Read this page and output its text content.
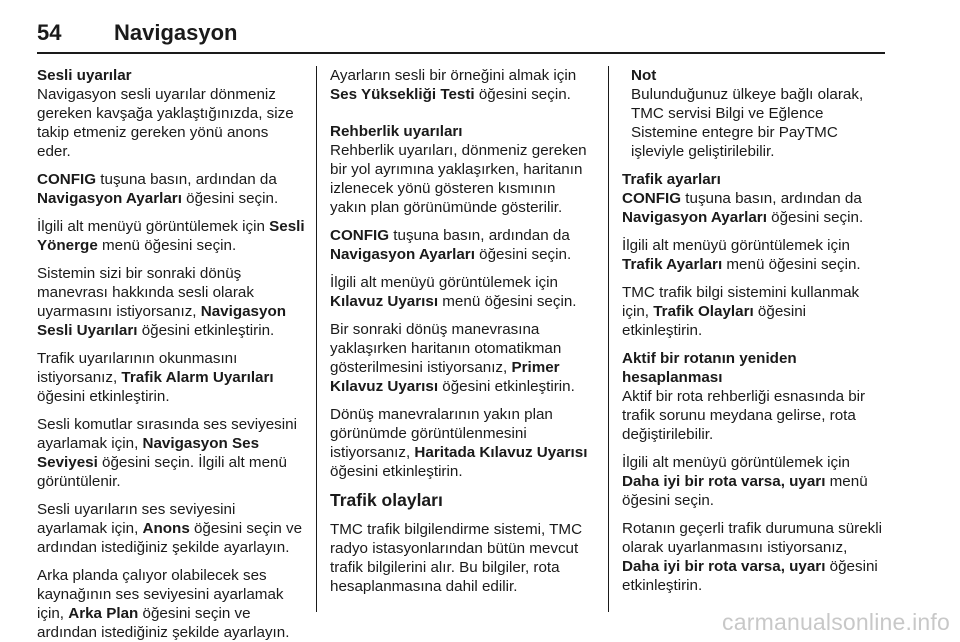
54 Navigasyon

Sesli uyarılar

Navigasyon sesli uyarılar dönmeniz gereken kavşağa yaklaştığınızda, size takip etmeniz gereken yönü anons eder.

CONFIG tuşuna basın, ardından da Navigasyon Ayarları öğesini seçin.

İlgili alt menüyü görüntülemek için Sesli Yönerge menü öğesini seçin.

Sistemin sizi bir sonraki dönüş manevrası hakkında sesli olarak uyarmasını istiyorsanız, Navigasyon Sesli Uyarıları öğesini etkinleştirin.

Trafik uyarılarının okunmasını istiyorsanız, Trafik Alarm Uyarıları öğesini etkinleştirin.

Sesli komutlar sırasında ses seviyesini ayarlamak için, Navigasyon Ses Seviyesi öğesini seçin. İlgili alt menü görüntülenir.

Sesli uyarıların ses seviyesini ayarlamak için, Anons öğesini seçin ve ardından istediğiniz şekilde ayarlayın.

Arka planda çalıyor olabilecek ses kaynağının ses seviyesini ayarlamak için, Arka Plan öğesini seçin ve ardından istediğiniz şekilde ayarlayın.

Ayarların sesli bir örneğini almak için Ses Yüksekliği Testi öğesini seçin.

Rehberlik uyarıları

Rehberlik uyarıları, dönmeniz gereken bir yol ayrımına yaklaşırken, haritanın izlenecek yönü gösteren kısmının yakın plan görünümünde gösterilir.

CONFIG tuşuna basın, ardından da Navigasyon Ayarları öğesini seçin.

İlgili alt menüyü görüntülemek için Kılavuz Uyarısı menü öğesini seçin.

Bir sonraki dönüş manevrasına yaklaşırken haritanın otomatikman gösterilmesini istiyorsanız, Primer Kılavuz Uyarısı öğesini etkinleştirin.

Dönüş manevralarının yakın plan görünümde görüntülenmesini istiyorsanız, Haritada Kılavuz Uyarısı öğesini etkinleştirin.

Trafik olayları

TMC trafik bilgilendirme sistemi, TMC radyo istasyonlarından bütün mevcut trafik bilgilerini alır. Bu bilgiler, rota hesaplanmasına dahil edilir.

Not

Bulunduğunuz ülkeye bağlı olarak, TMC servisi Bilgi ve Eğlence Sistemine entegre bir PayTMC işleviyle geliştirilebilir.

Trafik ayarları

CONFIG tuşuna basın, ardından da Navigasyon Ayarları öğesini seçin.

İlgili alt menüyü görüntülemek için Trafik Ayarları menü öğesini seçin.

TMC trafik bilgi sistemini kullanmak için, Trafik Olayları öğesini etkinleştirin.

Aktif bir rotanın yeniden hesaplanması

Aktif bir rota rehberliği esnasında bir trafik sorunu meydana gelirse, rota değiştirilebilir.

İlgili alt menüyü görüntülemek için Daha iyi bir rota varsa, uyarı menü öğesini seçin.

Rotanın geçerli trafik durumuna sürekli olarak uyarlanmasını istiyorsanız, Daha iyi bir rota varsa, uyarı öğesini etkinleştirin.

carmanualsonline.info
